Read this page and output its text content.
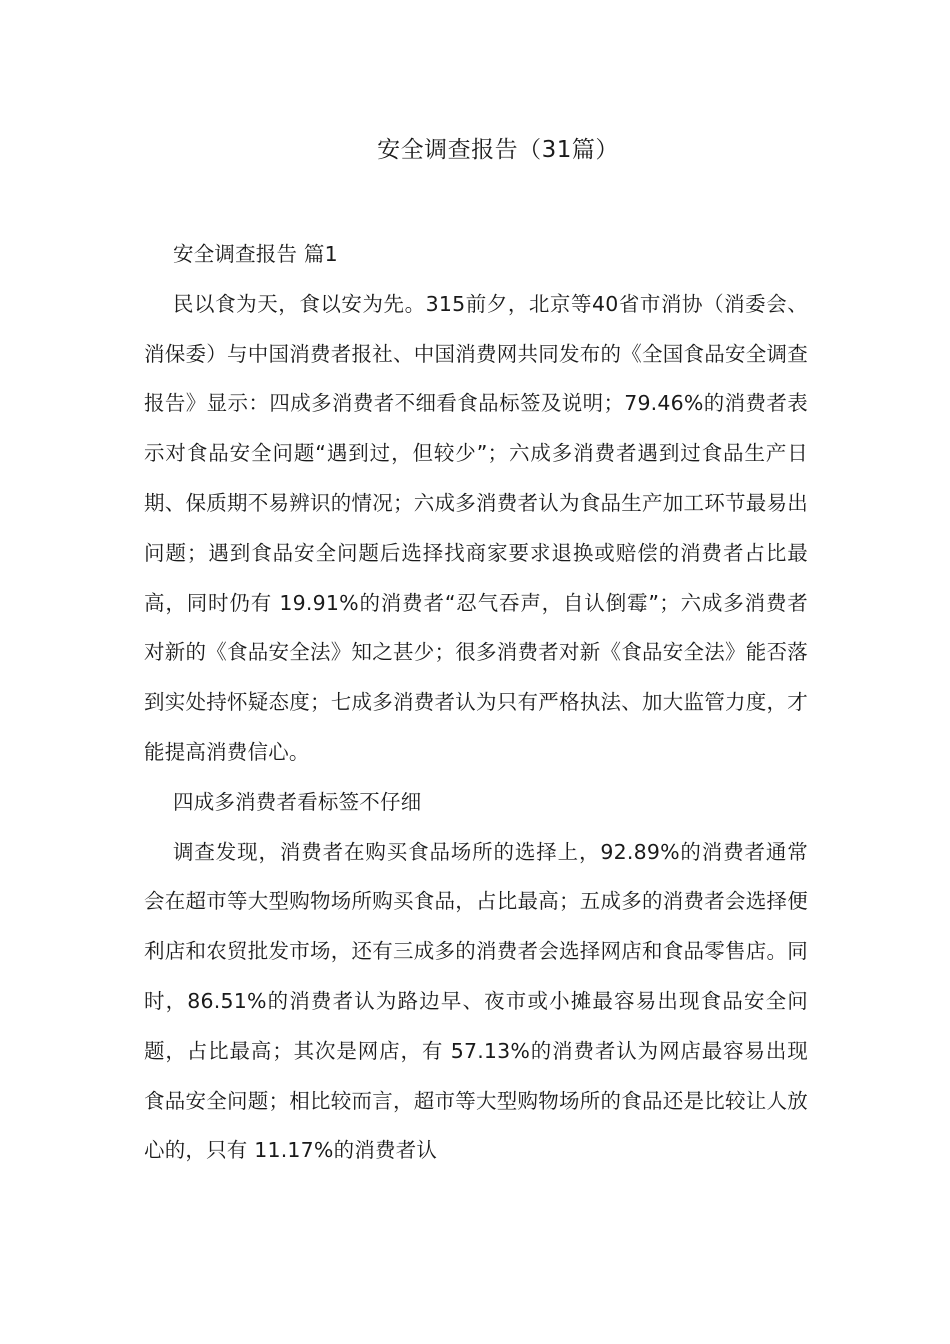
安全调查报告（31篇）

安全调查报告 篇1

民以食为天，食以安为先。315前夕，北京等40省市消协（消委会、消保委）与中国消费者报社、中国消费网共同发布的《全国食品安全调查报告》显示：四成多消费者不细看食品标签及说明；79.46%的消费者表示对食品安全问题“遇到过，但较少”；六成多消费者遇到过食品生产日期、保质期不易辨识的情况；六成多消费者认为食品生产加工环节最易出问题；遇到食品安全问题后选择找商家要求退换或赔偿的消费者占比最高，同时仍有 19.91%的消费者“忍气吞声，自认倒霉”；六成多消费者对新的《食品安全法》知之甚少；很多消费者对新《食品安全法》能否落到实处持怀疑态度；七成多消费者认为只有严格执法、加大监管力度，才能提高消费信心。

四成多消费者看标签不仔细

调查发现，消费者在购买食品场所的选择上，92.89%的消费者通常会在超市等大型购物场所购买食品，占比最高；五成多的消费者会选择便利店和农贸批发市场，还有三成多的消费者会选择网店和食品零售店。同时，86.51%的消费者认为路边早、夜市或小摊最容易出现食品安全问题，占比最高；其次是网店，有 57.13%的消费者认为网店最容易出现食品安全问题；相比较而言，超市等大型购物场所的食品还是比较让人放心的，只有 11.17%的消费者认
